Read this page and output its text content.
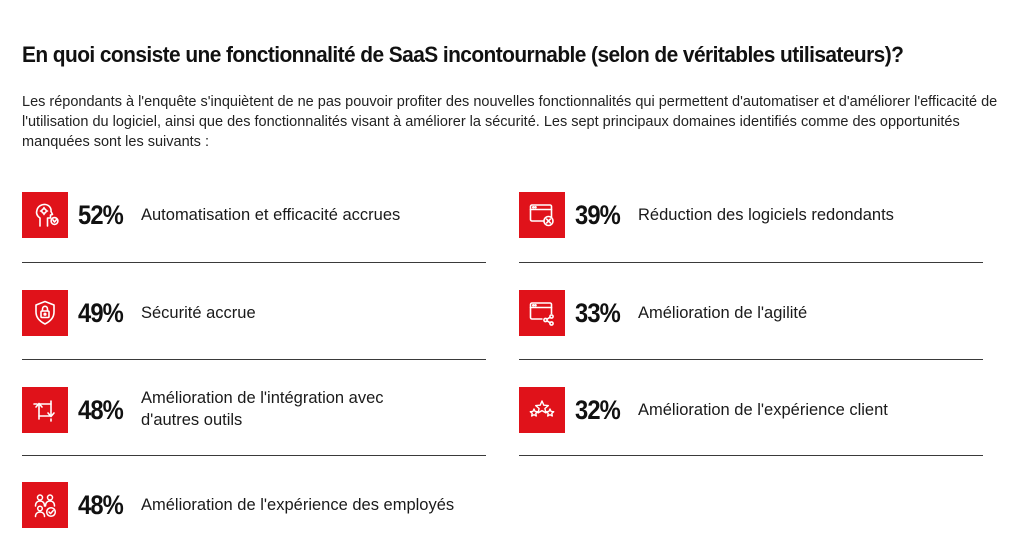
En quoi consiste une fonctionnalité de SaaS incontournable (selon de véritables utilisateurs)?
Les répondants à l'enquête s'inquiètent de ne pas pouvoir profiter des nouvelles fonctionnalités qui permettent d'automatiser et d'améliorer l'efficacité de l'utilisation du logiciel, ainsi que des fonctionnalités visant à améliorer la sécurité. Les sept principaux domaines identifiés comme des opportunités manquées sont les suivants :
52% Automatisation et efficacité accrues	39% Réduction des logiciels redondants
49% Sécurité accrue	33% Amélioration de l'agilité
48% Amélioration de l'intégration avec d'autres outils	32% Amélioration de l'expérience client
48% Amélioration de l'expérience des employés
